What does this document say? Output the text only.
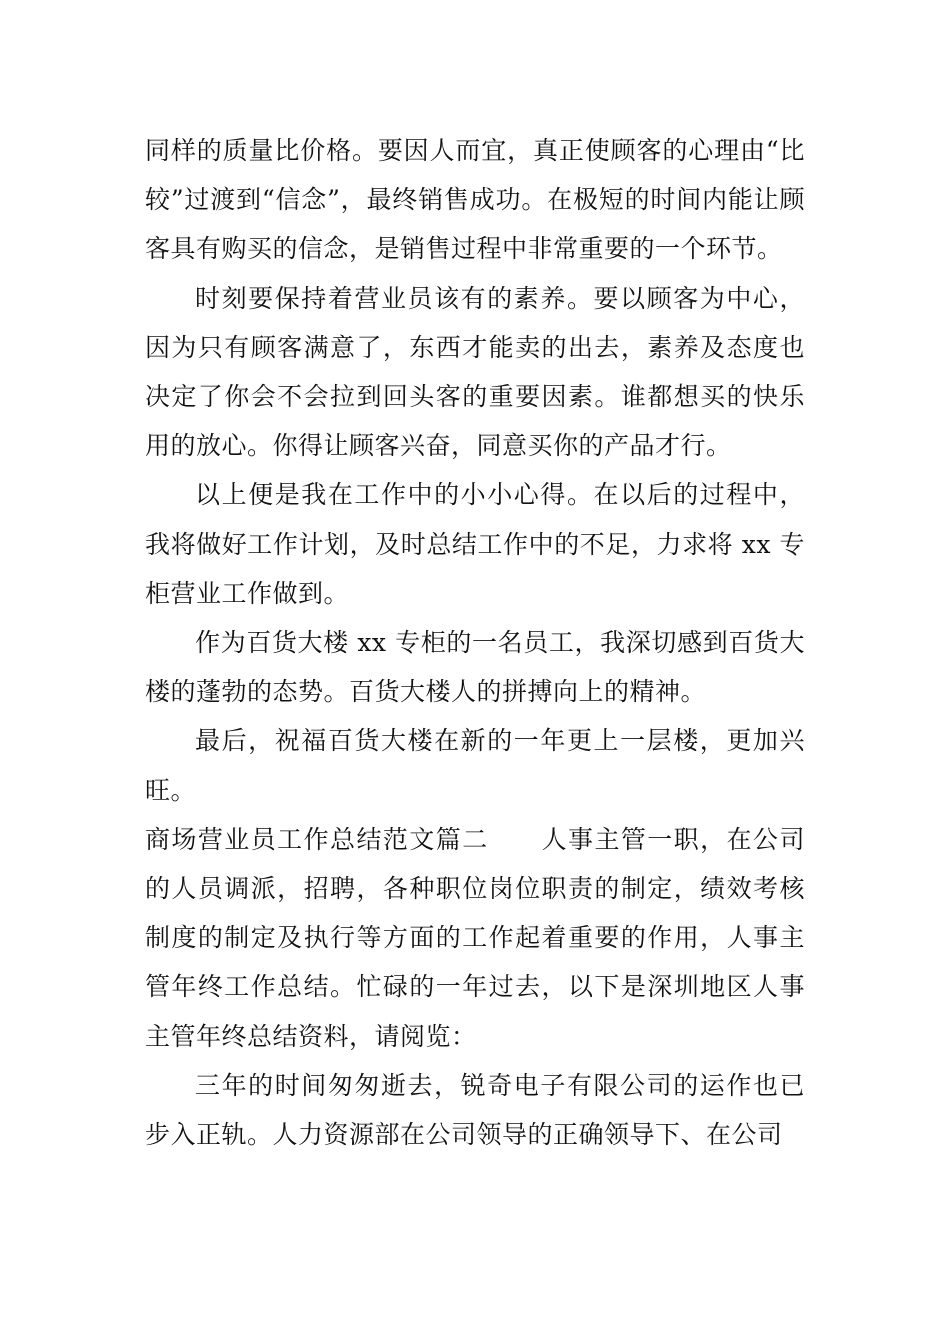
同样的质量比价格。要因人而宜，真正使顾客的心理由“比较”过渡到“信念”，最终销售成功。在极短的时间内能让顾客具有购买的信念，是销售过程中非常重要的一个环节。

时刻要保持着营业员该有的素养。要以顾客为中心，因为只有顾客满意了，东西才能卖的出去，素养及态度也决定了你会不会拉到回头客的重要因素。谁都想买的快乐用的放心。你得让顾客兴奋，同意买你的产品才行。

以上便是我在工作中的小小心得。在以后的过程中，我将做好工作计划，及时总结工作中的不足，力求将 xx 专柜营业工作做到。

作为百货大楼 xx 专柜的一名员工，我深切感到百货大楼的蓬勃的态势。百货大楼人的拼搏向上的精神。

最后，祝福百货大楼在新的一年更上一层楼，更加兴旺。

商场营业员工作总结范文篇二 人事主管一职，在公司的人员调派，招聘，各种职位岗位职责的制定，绩效考核制度的制定及执行等方面的工作起着重要的作用，人事主管年终工作总结。忙碌的一年过去，以下是深圳地区人事主管年终总结资料，请阅览：

三年的时间匆匆逝去，锐奇电子有限公司的运作也已步入正轨。人力资源部在公司领导的正确领导下、在公司
